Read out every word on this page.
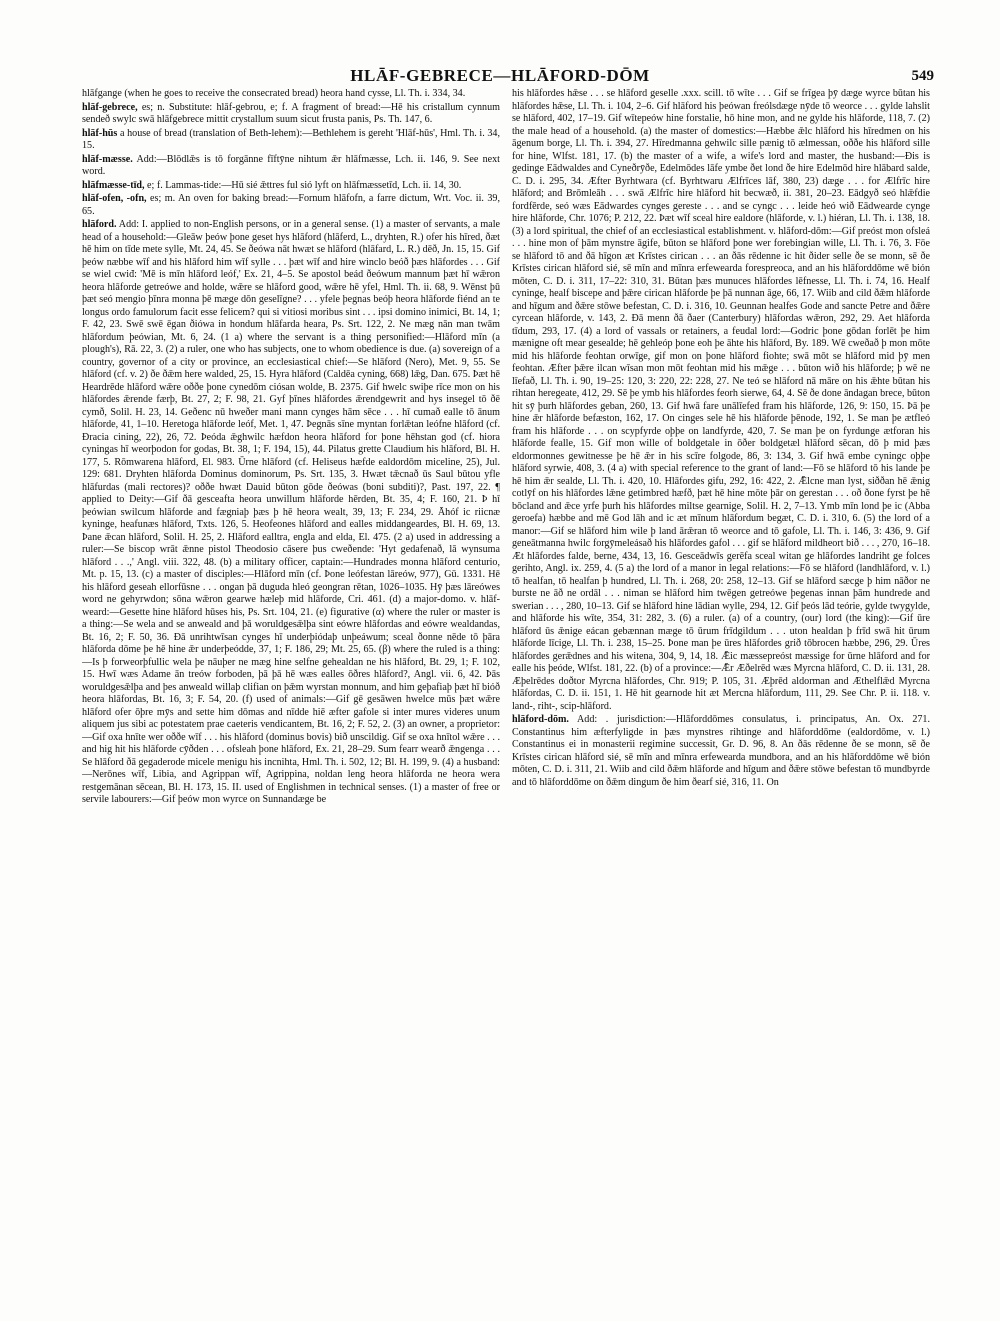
HLĀF-GEBRECE—HLĀFORD-DŌM	549

hlāfgange (when he goes to receive the consecrated bread) heora hand cysse, Ll. Th. i. 334, 34.

hlāf-gebrece, es; n. Substitute: hlāf-gebrou, e; f. A fragment of bread:—Hē his cristallum cynnum sendeð swylc swā hlāfgebrece mittit crystallum suum sicut frusta panis, Ps. Th. 147, 6.

hlāf-hūs a house of bread (translation of Beth-lehem):—Bethlehem is gereht 'Hlāf-hūs', Hml. Th. i. 34, 15.

hlāf-mæsse. Add:—Blōdlǣs is tō forgānne fīftȳne nihtum ǣr hlāfmæsse, Lch. ii. 146, 9. See next word.

hlāfmæsse-tīd, e; f. Lammas-tide:—Hū sié ǣttres ful sió lyft on hlāfmæssetīd, Lch. ii. 14, 30.

hlāf-ofen, -ofn, es; m. An oven for baking bread:—Fornum hlāfofn, a farre dictum, Wrt. Voc. ii. 39, 65.

hlāford. Add: I. applied to non-English persons, or in a general sense. (1) a master of servants, a male head of a household:—Gleāw þeów þone geset hys hlāford (hlāferd, L., dryhten, R.) ofer his hīred, ðæt hē him on tīde mete sylle, Mt. 24, 45. Se ðeówa nāt hwæt se hlāford (hlāfard, L. R.) dēð, Jn. 15, 15. Gif þeów næbbe wīf and his hlāford him wīf sylle . . . þæt wīf and hire winclo beóð þæs hlāfordes . . . Gif se wiel cwiđ: 'Mē is mīn hlāford leóf,' Ex. 21, 4–5. Se apostol beád ðeówum mannum þæt hī wǣron heora hlāforde getreówe and holde, wǣre se hlāford good, wǣre hē yfel, Hml. Th. ii. 68, 9. Wēnst þū þæt seó mengio þīnra monna þē mæge dōn geselīgne? . . . yfele þegnas beóþ heora hlāforde fiénd an te longus ordo famulorum facit esse felicem? qui si vitiosi moribus sint . . . ipsi domino inimici, Bt. 14, 1; F. 42, 23. Swē swē ēgan ðiówa in hondum hlāfarda heara, Ps. Srt. 122, 2. Ne mæg nān man twām hlāfordum þeówian, Mt. 6, 24. (1 a) where the servant is a thing personified:—Hlāford mīn (a plough's), Rā. 22, 3. (2) a ruler, one who has subjects, one to whom obedience is due. (a) sovereign of a country, governor of a city or province, an ecclesiastical chief:—Se hlāford (Nero), Met. 9, 55. Se hlāford (cf. v. 2) ðe ðǣm here walded, 25, 15. Hyra hlāford (Caldēa cyning, 668) lǣg, Dan. 675. Þæt hē Heardrēde hlāford wǣre oððe þone cynedōm ciósan wolde, B. 2375. Gif hwelc swiþe rīce mon on his hlāfordes ǣrende færþ, Bt. 27, 2; F. 98, 21. Gyf þīnes hlāfordes ǣrendgewrit and hys insegel tō ðē cymð, Solil. H. 23, 14. Geðenc nū hweðer mani mann cynges hām sēce . . . hī cumað ealle tō ānum hlāforde, 41, 1–10. Heretoga hlāforde leóf, Met. 1, 47. Þegnās sīne myntan forlǣtan leófne hlāford (cf. Ðracia cining, 22), 26, 72. Þeóda ǣghwilc hæfdon heora hlāford for þone hēhstan god (cf. hiora cyningas hī weorþodon for godas, Bt. 38, 1; F. 194, 15), 44. Pilatus grette Claudium his hlāford, Bl. H. 177, 5. Rōmwarena hlāford, El. 983. Ūrne hlāford (cf. Heliseus hæfde ealdordōm miceline, 25), Jul. 129: 681. Dryhten hlāforda Dominus dominorum, Ps. Srt. 135, 3. Hwæt tǣcnað ūs Saul būtou yfle hlāfurdas (mali rectores)? oððe hwæt Dauid būton gōde ðeówas (boni subditi)?, Past. 197, 22. ¶ applied to Deity:—Gif ðā gesceafta heora unwillum hlāforde hērden, Bt. 35, 4; F. 160, 21. Þ hī þeówian swilcum hlāforde and fægniaþ þæs þ hē heora wealt, 39, 13; F. 234, 29. Āhóf ic riicnæ kyninge, heafunæs hlāford, Txts. 126, 5. Heofeones hlāford and ealles middangeardes, Bl. H. 69, 13. Þane ǣcan hlāford, Solil. H. 25, 2. Hlāford ealltra, engla and elda, El. 475. (2 a) used in addressing a ruler:—Se biscop wrāt ǣnne pistol Theodosio cāsere þus cweðende: 'Hyt gedafenað, lā wynsuma hlāford . . .,' Angl. viii. 322, 48. (b) a military officer, captain:—Hundrades monna hlāford centurio, Mt. p. 15, 13. (c) a master of disciples:—Hlāford mīn (cf. Þone leófestan lāreów, 977), Gū. 1331. Hē his hlāford geseah ellorfūsne . . . ongan þā duguda hleó geongran rētan, 1026–1035. Hȳ þæs lāreówes word ne gehyrwdon; sōna wǣron gearwe hæleþ mid hlāforde, Cri. 461. (d) a major-domo. v. hlāf-weard:—Gesette hine hlāford hūses his, Ps. Srt. 104, 21. (e) figurative (α) where the ruler or master is a thing:—Se wela and se anweald and þā woruldgesǣlþa sint eówre hlāfordas and eówre wealdandas, Bt. 16, 2; F. 50, 36. Ðā unrihtwīsan cynges hī underþiódaþ unþeáwum; sceal ðonne nēde tō þāra hlāforda dōme þe hē hine ǣr underþeódde, 37, 1; F. 186, 29; Mt. 25, 65. (β) where the ruled is a thing:—Is þ forweorþfullic wela þe nāuþer ne mæg hine selfne gehealdan ne his hlāford, Bt. 29, 1; F. 102, 15. Hwī wæs Adame ān treów forboden, þā þā hē wæs ealles ōðres hlāford?, Angl. vii. 6, 42. Þās woruldgesǣlþa and þes anweald willaþ clifian on þǣm wyrstan monnum, and him geþafiaþ þæt hī bióð heora hlāfordas, Bt. 16, 3; F. 54, 20. (f) used of animals:—Gif gē gesāwen hwelce mūs þæt wǣre hlāford ofer ōþre mȳs and sette him dōmas and nīdde hiē æfter gafole si inter mures videres unum aliquem jus sibi ac potestatem prae caeteris vendicantem, Bt. 16, 2; F. 52, 2. (3) an owner, a proprietor:—Gif oxa hnīte wer oððe wīf . . . his hlāford (dominus bovis) bið unscildig. Gif se oxa hnītol wǣre . . . and hig hit his hlāforde cȳðden . . . ofsleah þone hlāford, Ex. 21, 28–29. Sum fearr wearð ǣngenga . . . Se hlāford ðā gegaderode micele menigu his incnihta, Hml. Th. i. 502, 12; Bl. H. 199, 9. (4) a husband:—Nerōnes wīf, Libia, and Agrippan wīf, Agrippina, noldan leng heora hlāforda ne heora wera restgemānan sēcean, Bl. H. 173, 15. II. used of Englishmen in technical senses. (1) a master of free or servile labourers:—Gif þeów mon wyrce on Sunnandæge be

his hlāfordes hǣse . . . se hlāford geselle .xxx. scill. tō wīte . . . Gif se frīgea þȳ dæge wyrce būtan his hlāfordes hǣse, Ll. Th. i. 104, 2–6. Gif hlāford his þeówan freólsdæge nȳde tō weorce . . . gylde lahslit se hlāford, 402, 17–19. Gif wītepeów hine forstalie, hō hine mon, and ne gylde his hlāforde, 118, 7. (2) the male head of a household. (a) the master of domestics:—Hæbbe ǣlc hlāford his hīredmen on his āgenum borge, Ll. Th. i. 394, 27. Hīredmanna gehwilc sille pænig tō ælmessan, oððe his hlāford sille for hine, Wlfst. 181, 17. (b) the master of a wife, a wife's lord and master, the husband:—Ðis is gedinge Eādwaldes and Cyneðrȳðe, Edelmōdes lāfe ymbe ðet lond ðe hire Edelmōd hire hlābard salde, C. D. i. 295, 34. Æfter Byrhtwara (cf. Byrhtwaru Ælfrīces lāf, 380, 23) dæge . . . for Ælfrīc hire hlāford; and Brōmleāh . . . swā Ælfrīc hire hlāford hit becwæð, ii. 381, 20–23. Eādgyð seó hlǣfdie fordfērde, seó wæs Eādwardes cynges gereste . . . and se cyngc . . . leide heó wið Eādwearde cynge hire hlāforde, Chr. 1076; P. 212, 22. Þæt wīf sceal hire ealdore (hlāforde, v. l.) hiéran, Ll. Th. i. 138, 18. (3) a lord spiritual, the chief of an ecclesiastical establishment. v. hlāford-dōm:—Gif preóst mon ofsleá . . . hine mon of þām mynstre āgife, būton se hlāford þone wer forebingian wille, Ll. Th. i. 76, 3. Fōe se hlāford tō and ðā hīgon æt Krīstes cirican . . . an ðās rēdenne ic hit ðider selle ðe se monn, sē ðe Krīstes cirican hlāford sié, sē mīn and mīnra erfewearda forespreoca, and an his hlāforddōme wē bión mōten, C. D. i. 311, 17–22: 310, 31. Būtan þæs munuces hlāfordes lēfnesse, Ll. Th. i. 74, 16. Healf cyninge, healf biscepe and þǣre cirican hlāforde þe þā nunnan āge, 66, 17. Wiib and cild ðǣm hlāforde and hīgum and ðǣre stōwe befestan, C. D. i. 316, 10. Geunnan healfes Gode and sancte Petre and ðǣre cyrcean hlāforde, v. 143, 2. Ðā menn ðā ðaer (Canterbury) hlāfordas wǣron, 292, 29. Aet hlāforda tīdum, 293, 17. (4) a lord of vassals or retainers, a feudal lord:—Godric þone gōdan forlēt þe him mænigne oft mear gesealde; hē gehleóp þone eoh þe āhte his hlāford, By. 189. Wē cweðað þ mon mōte mid his hlāforde feohtan orwīge, gif mon on þone hlāford fiohte; swā mōt se hlāford mid þȳ men feohtan. Æfter þǣre ilcan wīsan mon mōt feohtan mid his mǣge . . . būton wið his hlāforde; þ wē ne līefað, Ll. Th. i. 90, 19–25: 120, 3: 220, 22: 228, 27. Ne teó se hlāford nā māre on his ǣhte būtan his rihtan heregeate, 412, 29. Sē þe ymb his hlāfordes feorh sierwe, 64, 4. Sē ðe done āndagan brece, būton hit sȳ þurh hlāfordes geban, 260, 13. Gif hwā fare unālīefed fram his hlāforde, 126, 9: 150, 15. Þā þe hine ǣr hlāforde befæston, 162, 17. On cinges sele hē his hlāforde þēnode, 192, 1. Se man þe ætfleó fram his hlāforde . . . on scypfyrde oþþe on landfyrde, 420, 7. Se man þe on fyrdunge ætforan his hlāforde fealle, 15. Gif mon wille of boldgetale in ōðer boldgetæl hlāford sēcan, dō þ mid þæs eldormonnes gewitnesse þe hē ǣr in his scīre folgode, 86, 3: 134, 3. Gif hwā embe cyningc oþþe hlāford syrwie, 408, 3. (4 a) with special reference to the grant of land:—Fō se hlāford tō his lande þe hē him ǣr sealde, Ll. Th. i. 420, 10. Hlāfordes gifu, 292, 16: 422, 2. Ǣlcne man lyst, siððan hē ǣnig cotlȳf on his hlāfordes lǣne getimbred hæfð, þæt hē hine mōte þār on gerestan . . . oð ðone fyrst þe hē bōcland and ǣce yrfe þurh his hlāfordes miltse gearnige, Solil. H. 2, 7–13. Ymb mīn lond þe ic (Abba geroefa) hæbbe and mē God lāh and ic æt mīnum hlāfordum begæt, C. D. i. 310, 6. (5) the lord of a manor:—Gif se hlāford him wile þ land ārǣran tō weorce and tō gafole, Ll. Th. i. 146, 3: 436, 9. Gif geneātmanna hwilc forgȳmeleásað his hlāfordes gafol . . . gif se hlāford mildheort bið . . . , 270, 16–18. Æt hlāfordes falde, berne, 434, 13, 16. Gesceādwīs gerēfa sceal witan ge hlāfordes landriht ge folces gerihto, Angl. ix. 259, 4. (5 a) the lord of a manor in legal relations:—Fō se hlāford (landhlāford, v. l.) tō healfan, tō healfan þ hundred, Ll. Th. i. 268, 20: 258, 12–13. Gif se hlāford sæcge þ him nāðor ne burste ne āð ne ordāl . . . niman se hlāford him twēgen getreówe þegenas innan þām hundrede and swerian . . . , 280, 10–13. Gif se hlāford hine lādian wylle, 294, 12. Gif þeós lād teórie, gylde twygylde, and hlāforde his wīte, 354, 31: 282, 3. (6) a ruler. (a) of a country, (our) lord (the king):—Gif ūre hlāford ūs ǣnige eácan gebænnan mæge tō ūrum frīdgildum . . . uton healdan þ frīd swā hit ūrum hlāforde līcige, Ll. Th. i. 238, 15–25. Þone man þe ūres hlāfordes grið tōbrocen hæbbe, 296, 29. Ūres hlāfordes gerǣdnes and his witena, 304, 9, 14, 18. Ǣic mæssepreóst mæssige for ūrne hlāford and for ealle his þeóde, Wlfst. 181, 22. (b) of a province:—Ǣr Æðelrēd wæs Myrcna hlāford, C. D. ii. 131, 28. Æþelrēdes doðtor Myrcna hlāfordes, Chr. 919; P. 105, 31. Æþrēd aldorman and Æthelflǣd Myrcna hlāfordas, C. D. ii. 151, 1. Hē hit gearnode hit æt Mercna hlāfordum, 111, 29. See Chr. P. ii. 118. v. land-, riht-, scip-hlāford.

hlāford-dōm. Add: . jurisdiction:—Hlāforddōmes consulatus, i. principatus, An. Ox. 271. Constantinus him æfterfyligde in þæs mynstres rihtinge and hlāforddōme (ealdordōme, v. l.) Constantinus ei in monasterii regimine successit, Gr. D. 96, 8. An ðās rēdenne ðe se monn, sē ðe Krīstes cirican hlāford sié, sē mīn and mīnra erfewearda mundbora, and an his hlāforddōme wē bión mōten, C. D. i. 311, 21. Wiib and cild ðǣm hlāforde and hīgum and ðǣre stōwe befestan tō mundbyrde and tō hlāforddōme on ðǣm dingum ðe him ðearf sié, 316, 11. On
